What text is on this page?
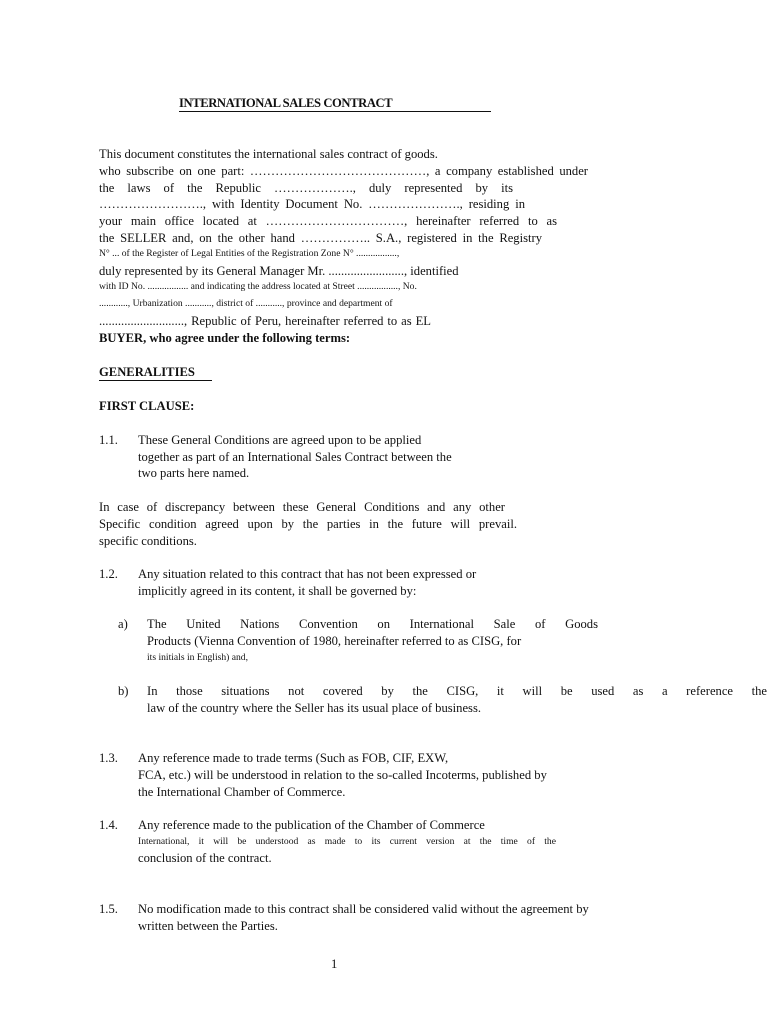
INTERNATIONAL SALES CONTRACT
This document constitutes the international sales contract of goods.
who subscribe on one part: ……………………………………, a company established under
the laws of the Republic ………………., duly represented by its
……………………., with Identity Document No. …………………., residing in
your main office located at ……………………………, hereinafter referred to as
the SELLER and, on the other hand …………….. S.A., registered in the Registry
N° ... of the Register of Legal Entities of the Registration Zone N° .................,
duly represented by its General Manager Mr. ........................, identified
with ID No. ................. and indicating the address located at Street ................., No.
............, Urbanization ..........., district of ..........., province and department of
..........................., Republic of Peru, hereinafter referred to as EL
BUYER, who agree under the following terms:
GENERALITIES
FIRST CLAUSE:
1.1. These General Conditions are agreed upon to be applied
together as part of an International Sales Contract between the
two parts here named.
In case of discrepancy between these General Conditions and any other
Specific condition agreed upon by the parties in the future will prevail.
specific conditions.
1.2. Any situation related to this contract that has not been expressed or
implicitly agreed in its content, it shall be governed by:
a) The United Nations Convention on International Sale of Goods
Products (Vienna Convention of 1980, hereinafter referred to as CISG, for
its initials in English) and,
b) In those situations not covered by the CISG, it will be used as a reference the
law of the country where the Seller has its usual place of business.
1.3. Any reference made to trade terms (Such as FOB, CIF, EXW,
FCA, etc.) will be understood in relation to the so-called Incoterms, published by
the International Chamber of Commerce.
1.4. Any reference made to the publication of the Chamber of Commerce
International, it will be understood as made to its current version at the time of the
conclusion of the contract.
1.5. No modification made to this contract shall be considered valid without the agreement by
written between the Parties.
1
